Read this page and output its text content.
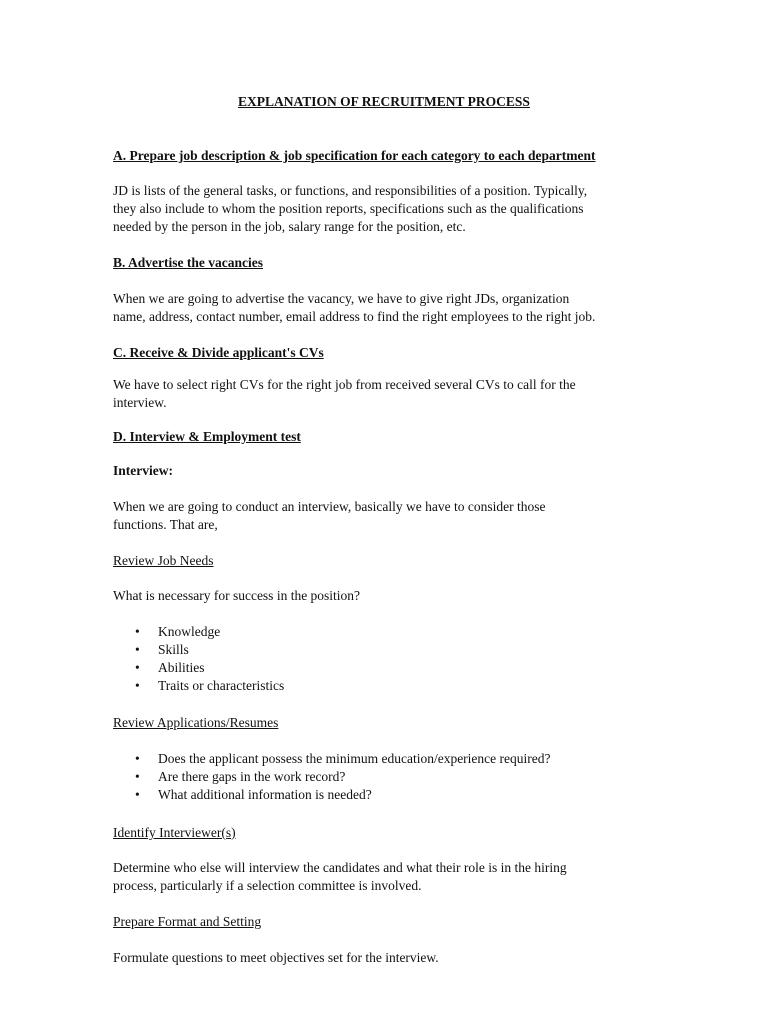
EXPLANATION OF RECRUITMENT PROCESS
A. Prepare job description & job specification for each category to each department
JD is lists of the general tasks, or functions, and responsibilities of a position. Typically,
they also include to whom the position reports, specifications such as the qualifications
needed by the person in the job, salary range for the position, etc.
B. Advertise the vacancies
When we are going to advertise the vacancy, we have to give right JDs, organization
name, address, contact number, email address to find the right employees to the right job.
C. Receive & Divide applicant's CVs
We have to select right CVs for the right job from received several CVs to call for the
interview.
D. Interview & Employment test
Interview:
When we are going to conduct an interview, basically we have to consider those
functions. That are,
Review Job Needs
What is necessary for success in the position?
• Knowledge
• Skills
• Abilities
• Traits or characteristics
Review Applications/Resumes
• Does the applicant possess the minimum education/experience required?
• Are there gaps in the work record?
• What additional information is needed?
Identify Interviewer(s)
Determine who else will interview the candidates and what their role is in the hiring
process, particularly if a selection committee is involved.
Prepare Format and Setting
Formulate questions to meet objectives set for the interview.
